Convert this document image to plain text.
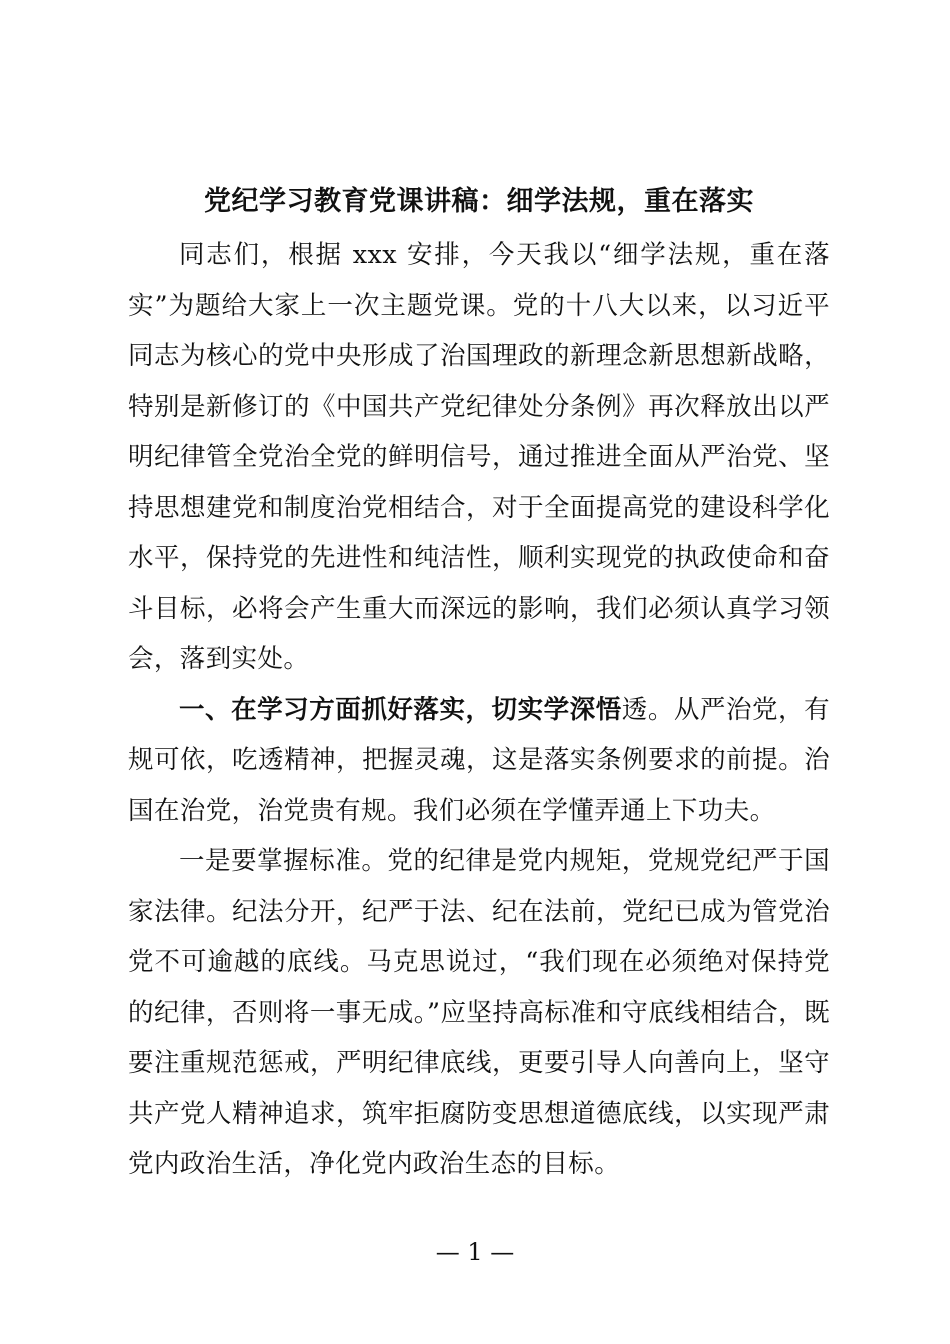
党纪学习教育党课讲稿：细学法规，重在落实

同志们，根据 xxx 安排，今天我以“细学法规，重在落实”为题给大家上一次主题党课。党的十八大以来，以习近平同志为核心的党中央形成了治国理政的新理念新思想新战略，特别是新修订的《中国共产党纪律处分条例》再次释放出以严明纪律管全党治全党的鲜明信号，通过推进全面从严治党、坚持思想建党和制度治党相结合，对于全面提高党的建设科学化水平，保持党的先进性和纯洁性，顺利实现党的执政使命和奋斗目标，必将会产生重大而深远的影响，我们必须认真学习领会，落到实处。

一、在学习方面抓好落实，切实学深悟透。从严治党，有规可依，吃透精神，把握灵魂，这是落实条例要求的前提。治国在治党，治党贵有规。我们必须在学懂弄通上下功夫。

一是要掌握标准。党的纪律是党内规矩，党规党纪严于国家法律。纪法分开，纪严于法、纪在法前，党纪已成为管党治党不可逾越的底线。马克思说过，“我们现在必须绝对保持党的纪律，否则将一事无成。”应坚持高标准和守底线相结合，既要注重规范惩戒，严明纪律底线，更要引导人向善向上，坚守共产党人精神追求，筑牢拒腐防变思想道德底线，以实现严肃党内政治生活，净化党内政治生态的目标。

— 1 —
